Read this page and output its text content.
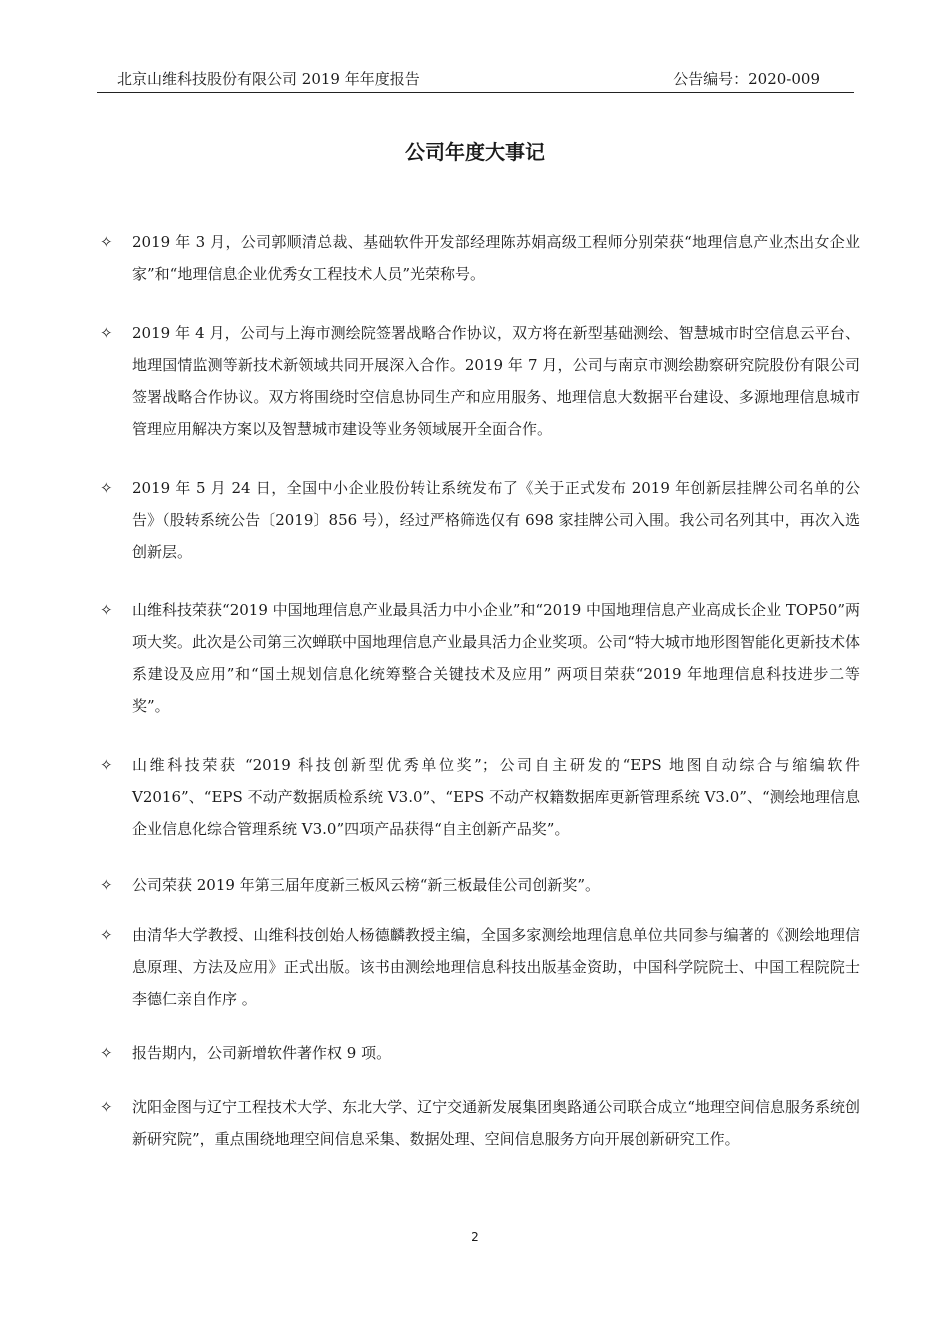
北京山维科技股份有限公司 2019 年年度报告	公告编号：2020-009
公司年度大事记
✧ 2019 年 3 月，公司郭顺清总裁、基础软件开发部经理陈苏娟高级工程师分别荣获“地理信息产业杰出女企业家”和“地理信息企业优秀女工程技术人员”光荣称号。
✧ 2019 年 4 月，公司与上海市测绘院签署战略合作协议，双方将在新型基础测绘、智慧城市时空信息云平台、地理国情监测等新技术新领域共同开展深入合作。2019 年 7 月，公司与南京市测绘勘察研究院股份有限公司签署战略合作协议。双方将围绕时空信息协同生产和应用服务、地理信息大数据平台建设、多源地理信息城市管理应用解决方案以及智慧城市建设等业务领域展开全面合作。
✧ 2019 年 5 月 24 日，全国中小企业股份转让系统发布了《关于正式发布 2019 年创新层挂牌公司名单的公告》（股转系统公告〔2019〕856 号），经过严格筛选仅有 698 家挂牌公司入围。我公司名列其中，再次入选创新层。
✧ 山维科技荣获“2019 中国地理信息产业最具活力中小企业”和“2019 中国地理信息产业高成长企业 TOP50”两项大奖。此次是公司第三次蝉联中国地理信息产业最具活力企业奖项。公司“特大城市地形图智能化更新技术体系建设及应用”和“国土规划信息化统筹整合关键技术及应用” 两项目荣获“2019 年地理信息科技进步二等奖”。
✧ 山维科技荣获 “2019 科技创新型优秀单位奖”；公司自主研发的“EPS 地图自动综合与缩编软件 V2016”、“EPS 不动产数据质检系统 V3.0”、“EPS 不动产权籍数据库更新管理系统 V3.0”、“测绘地理信息企业信息化综合管理系统 V3.0”四项产品获得“自主创新产品奖”。
✧ 公司荣获 2019 年第三届年度新三板风云榜“新三板最佳公司创新奖”。
✧ 由清华大学教授、山维科技创始人杨德麟教授主编，全国多家测绘地理信息单位共同参与编著的《测绘地理信息原理、方法及应用》正式出版。该书由测绘地理信息科技出版基金资助，中国科学院院士、中国工程院院士李德仁亲自作序 。
✧ 报告期内，公司新增软件著作权 9 项。
✧ 沈阳金图与辽宁工程技术大学、东北大学、辽宁交通新发展集团奥路通公司联合成立“地理空间信息服务系统创新研究院”，重点围绕地理空间信息采集、数据处理、空间信息服务方向开展创新研究工作。
2
